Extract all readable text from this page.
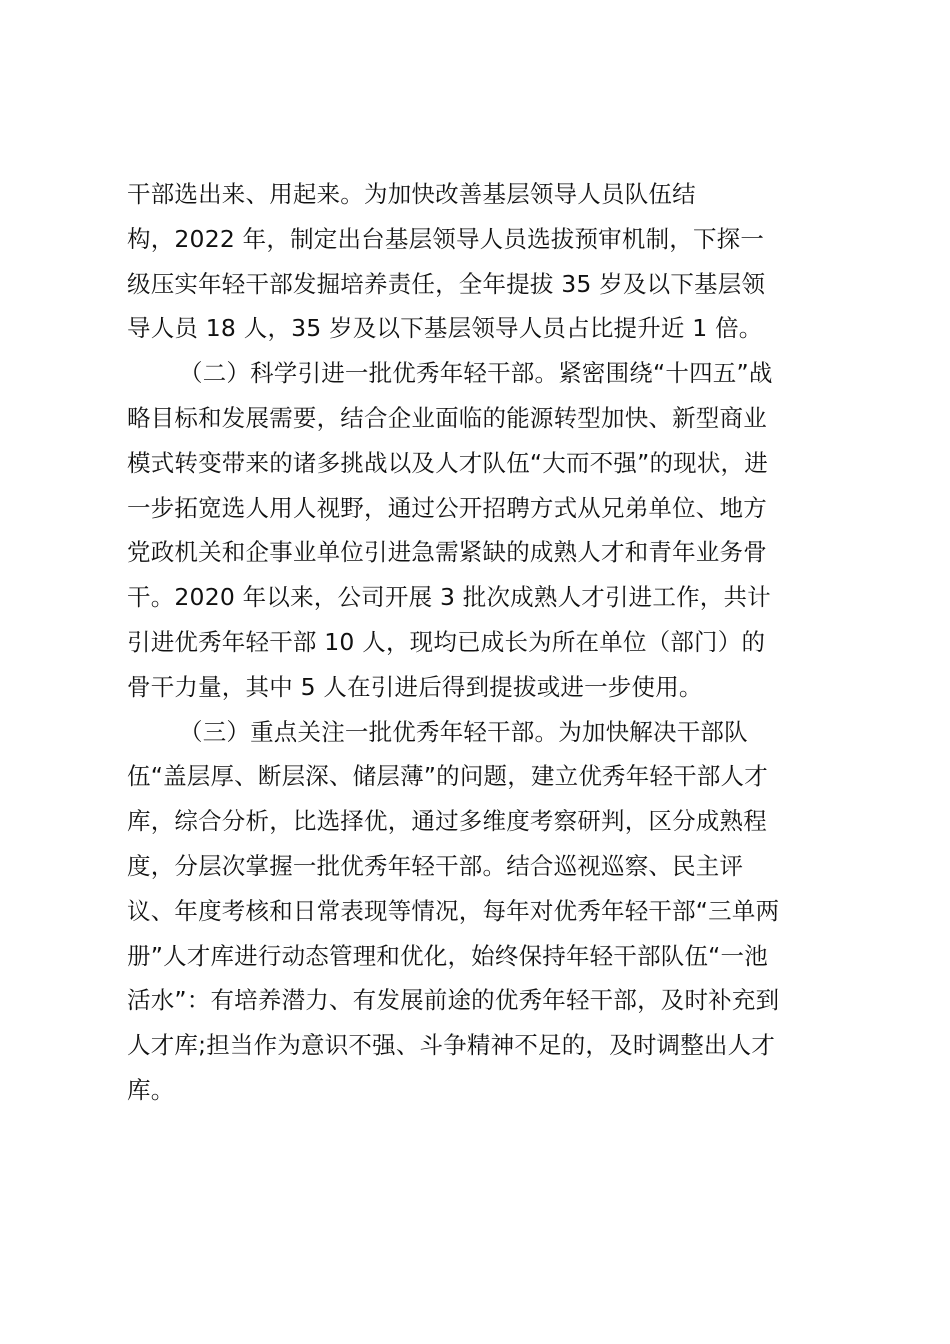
干部选出来、用起来。为加快改善基层领导人员队伍结
构，2022 年，制定出台基层领导人员选拔预审机制，下探一
级压实年轻干部发掘培养责任，全年提拔 35 岁及以下基层领
导人员 18 人，35 岁及以下基层领导人员占比提升近 1 倍。
（二）科学引进一批优秀年轻干部。紧密围绕“十四五”战
略目标和发展需要，结合企业面临的能源转型加快、新型商业
模式转变带来的诸多挑战以及人才队伍“大而不强”的现状，进
一步拓宽选人用人视野，通过公开招聘方式从兄弟单位、地方
党政机关和企事业单位引进急需紧缺的成熟人才和青年业务骨
干。2020 年以来，公司开展 3 批次成熟人才引进工作，共计
引进优秀年轻干部 10 人，现均已成长为所在单位（部门）的
骨干力量，其中 5 人在引进后得到提拔或进一步使用。
（三）重点关注一批优秀年轻干部。为加快解决干部队
伍“盖层厚、断层深、储层薄”的问题，建立优秀年轻干部人才
库，综合分析，比选择优，通过多维度考察研判，区分成熟程
度，分层次掌握一批优秀年轻干部。结合巡视巡察、民主评
议、年度考核和日常表现等情况，每年对优秀年轻干部“三单两
册”人才库进行动态管理和优化，始终保持年轻干部队伍“一池
活水”：有培养潜力、有发展前途的优秀年轻干部，及时补充到
人才库;担当作为意识不强、斗争精神不足的，及时调整出人才
库。
